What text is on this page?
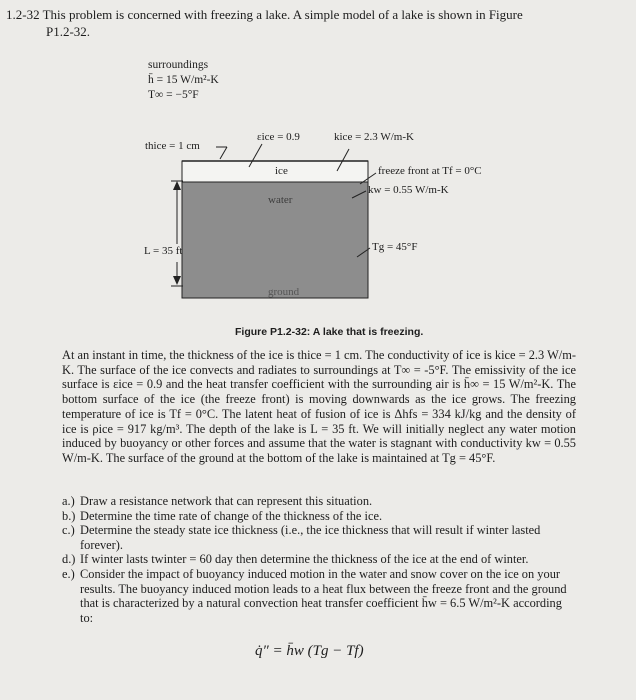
1.2-32 This problem is concerned with freezing a lake. A simple model of a lake is shown in Figure
P1.2-32.
surroundings
h̄ = 15 W/m²-K
T∞ = −5°F
εice = 0.9	kice = 2.3 W/m-K
thice = 1 cm
ice
water
ground
freeze front at Tf = 0°C
kw = 0.55 W/m-K
L = 35 ft	Tg = 45°F
Figure P1.2-32: A lake that is freezing.

At an instant in time, the thickness of the ice is thice = 1 cm. The conductivity of ice is kice = 2.3 W/m-K. The surface of the ice convects and radiates to surroundings at T∞ = -5°F. The emissivity of the ice surface is εice = 0.9 and the heat transfer coefficient with the surrounding air is h̄∞ = 15 W/m²-K. The bottom surface of the ice (the freeze front) is moving downwards as the ice grows. The freezing temperature of ice is Tf = 0°C. The latent heat of fusion of ice is Δhfs = 334 kJ/kg and the density of ice is ρice = 917 kg/m³. The depth of the lake is L = 35 ft. We will initially neglect any water motion induced by buoyancy or other forces and assume that the water is stagnant with conductivity kw = 0.55 W/m-K. The surface of the ground at the bottom of the lake is maintained at Tg = 45°F.

a.) Draw a resistance network that can represent this situation.
b.) Determine the time rate of change of the thickness of the ice.
c.) Determine the steady state ice thickness (i.e., the ice thickness that will result if winter lasted forever).
d.) If winter lasts twinter = 60 day then determine the thickness of the ice at the end of winter.
e.) Consider the impact of buoyancy induced motion in the water and snow cover on the ice on your results. The buoyancy induced motion leads to a heat flux between the freeze front and the ground that is characterized by a natural convection heat transfer coefficient h̄w = 6.5 W/m²-K according to:
q̇″ = h̄w (Tg − Tf)
